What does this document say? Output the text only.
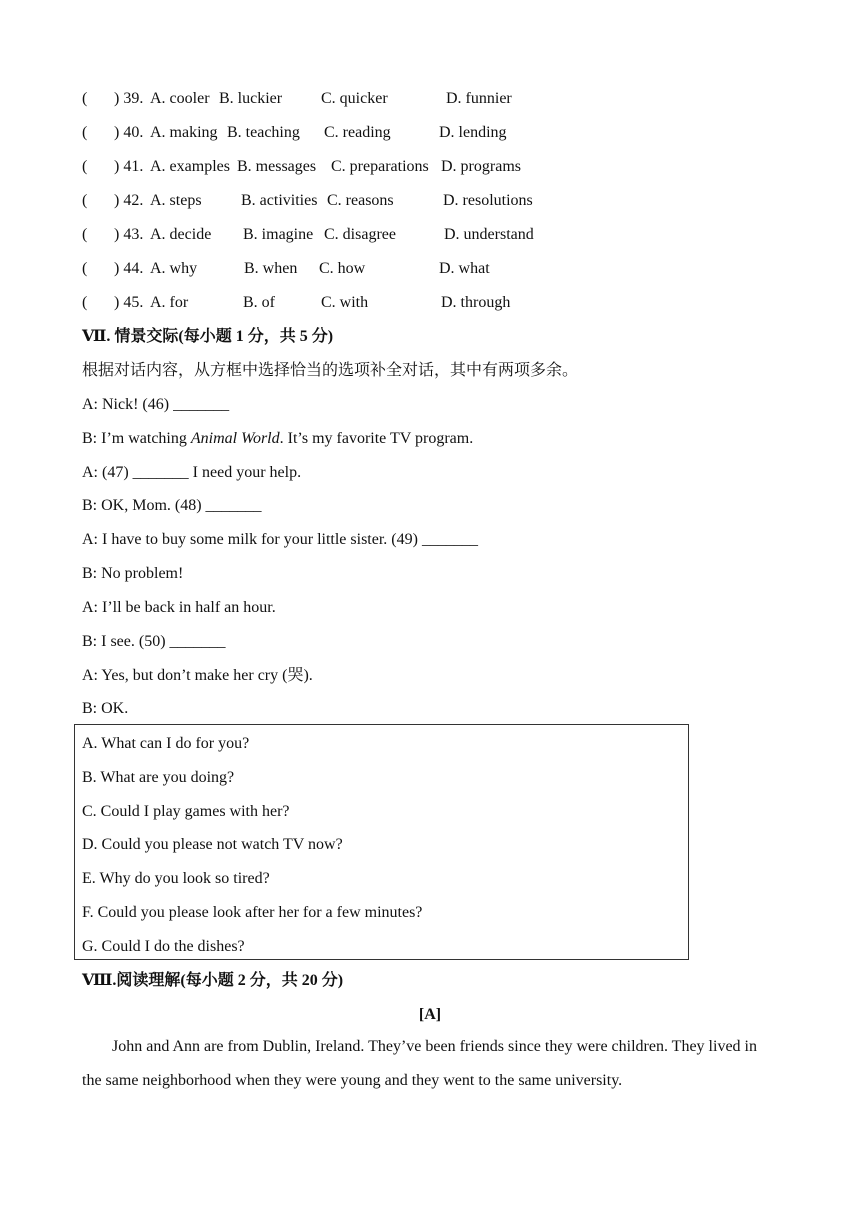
( ) 39. A. cooler B. luckier C. quicker	D. funnier
( ) 40. A. making B. teaching C. reading	D. lending
( ) 41. A. examples B. messages C. preparations D. programs
( ) 42. A. steps B. activities C. reasons	D. resolutions
( ) 43. A. decide B. imagine C. disagree	D. understand
( ) 44. A. why	B. when C. how	D. what
( ) 45. A. for	B. of	C. with	D. through
Ⅶ. 情景交际(每小题 1 分，共 5 分)
根据对话内容，从方框中选择恰当的选项补全对话，其中有两项多余。
A: Nick! (46) _______
B: I’m watching Animal World. It’s my favorite TV program.
A: (47) _______ I need your help.
B: OK, Mom. (48) _______
A: I have to buy some milk for your little sister. (49) _______
B: No problem!
A: I’ll be back in half an hour.
B: I see. (50) _______
A: Yes, but don’t make her cry (哭).
B: OK.
A. What can I do for you?
B. What are you doing?
C. Could I play games with her?
D. Could you please not watch TV now?
E. Why do you look so tired?
F. Could you please look after her for a few minutes?
G. Could I do the dishes?
Ⅷ.阅读理解(每小题 2 分，共 20 分)
[A]
John and Ann are from Dublin, Ireland. They’ve been friends since they were children. They lived in the same neighborhood when they were young and they went to the same university.
